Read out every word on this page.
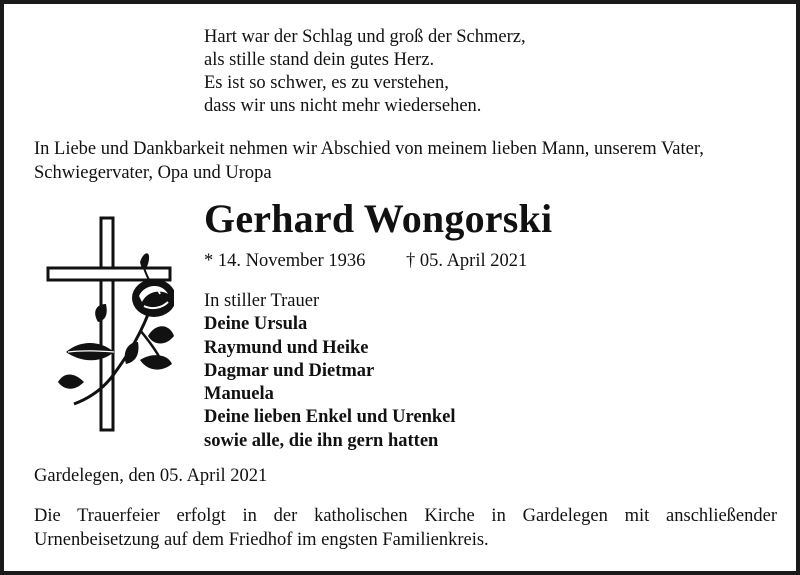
Hart war der Schlag und groß der Schmerz,
als stille stand dein gutes Herz.
Es ist so schwer, es zu verstehen,
dass wir uns nicht mehr wiedersehen.
In Liebe und Dankbarkeit nehmen wir Abschied von meinem lieben Mann, unserem Vater, Schwiegervater, Opa und Uropa
Gerhard Wongorski
* 14. November 1936 † 05. April 2021
In stiller Trauer
Deine Ursula
Raymund und Heike
Dagmar und Dietmar
Manuela
Deine lieben Enkel und Urenkel
sowie alle, die ihn gern hatten
Gardelegen, den 05. April 2021
Die Trauerfeier erfolgt in der katholischen Kirche in Gardelegen mit anschließender Urnenbeisetzung auf dem Friedhof im engsten Familienkreis.
